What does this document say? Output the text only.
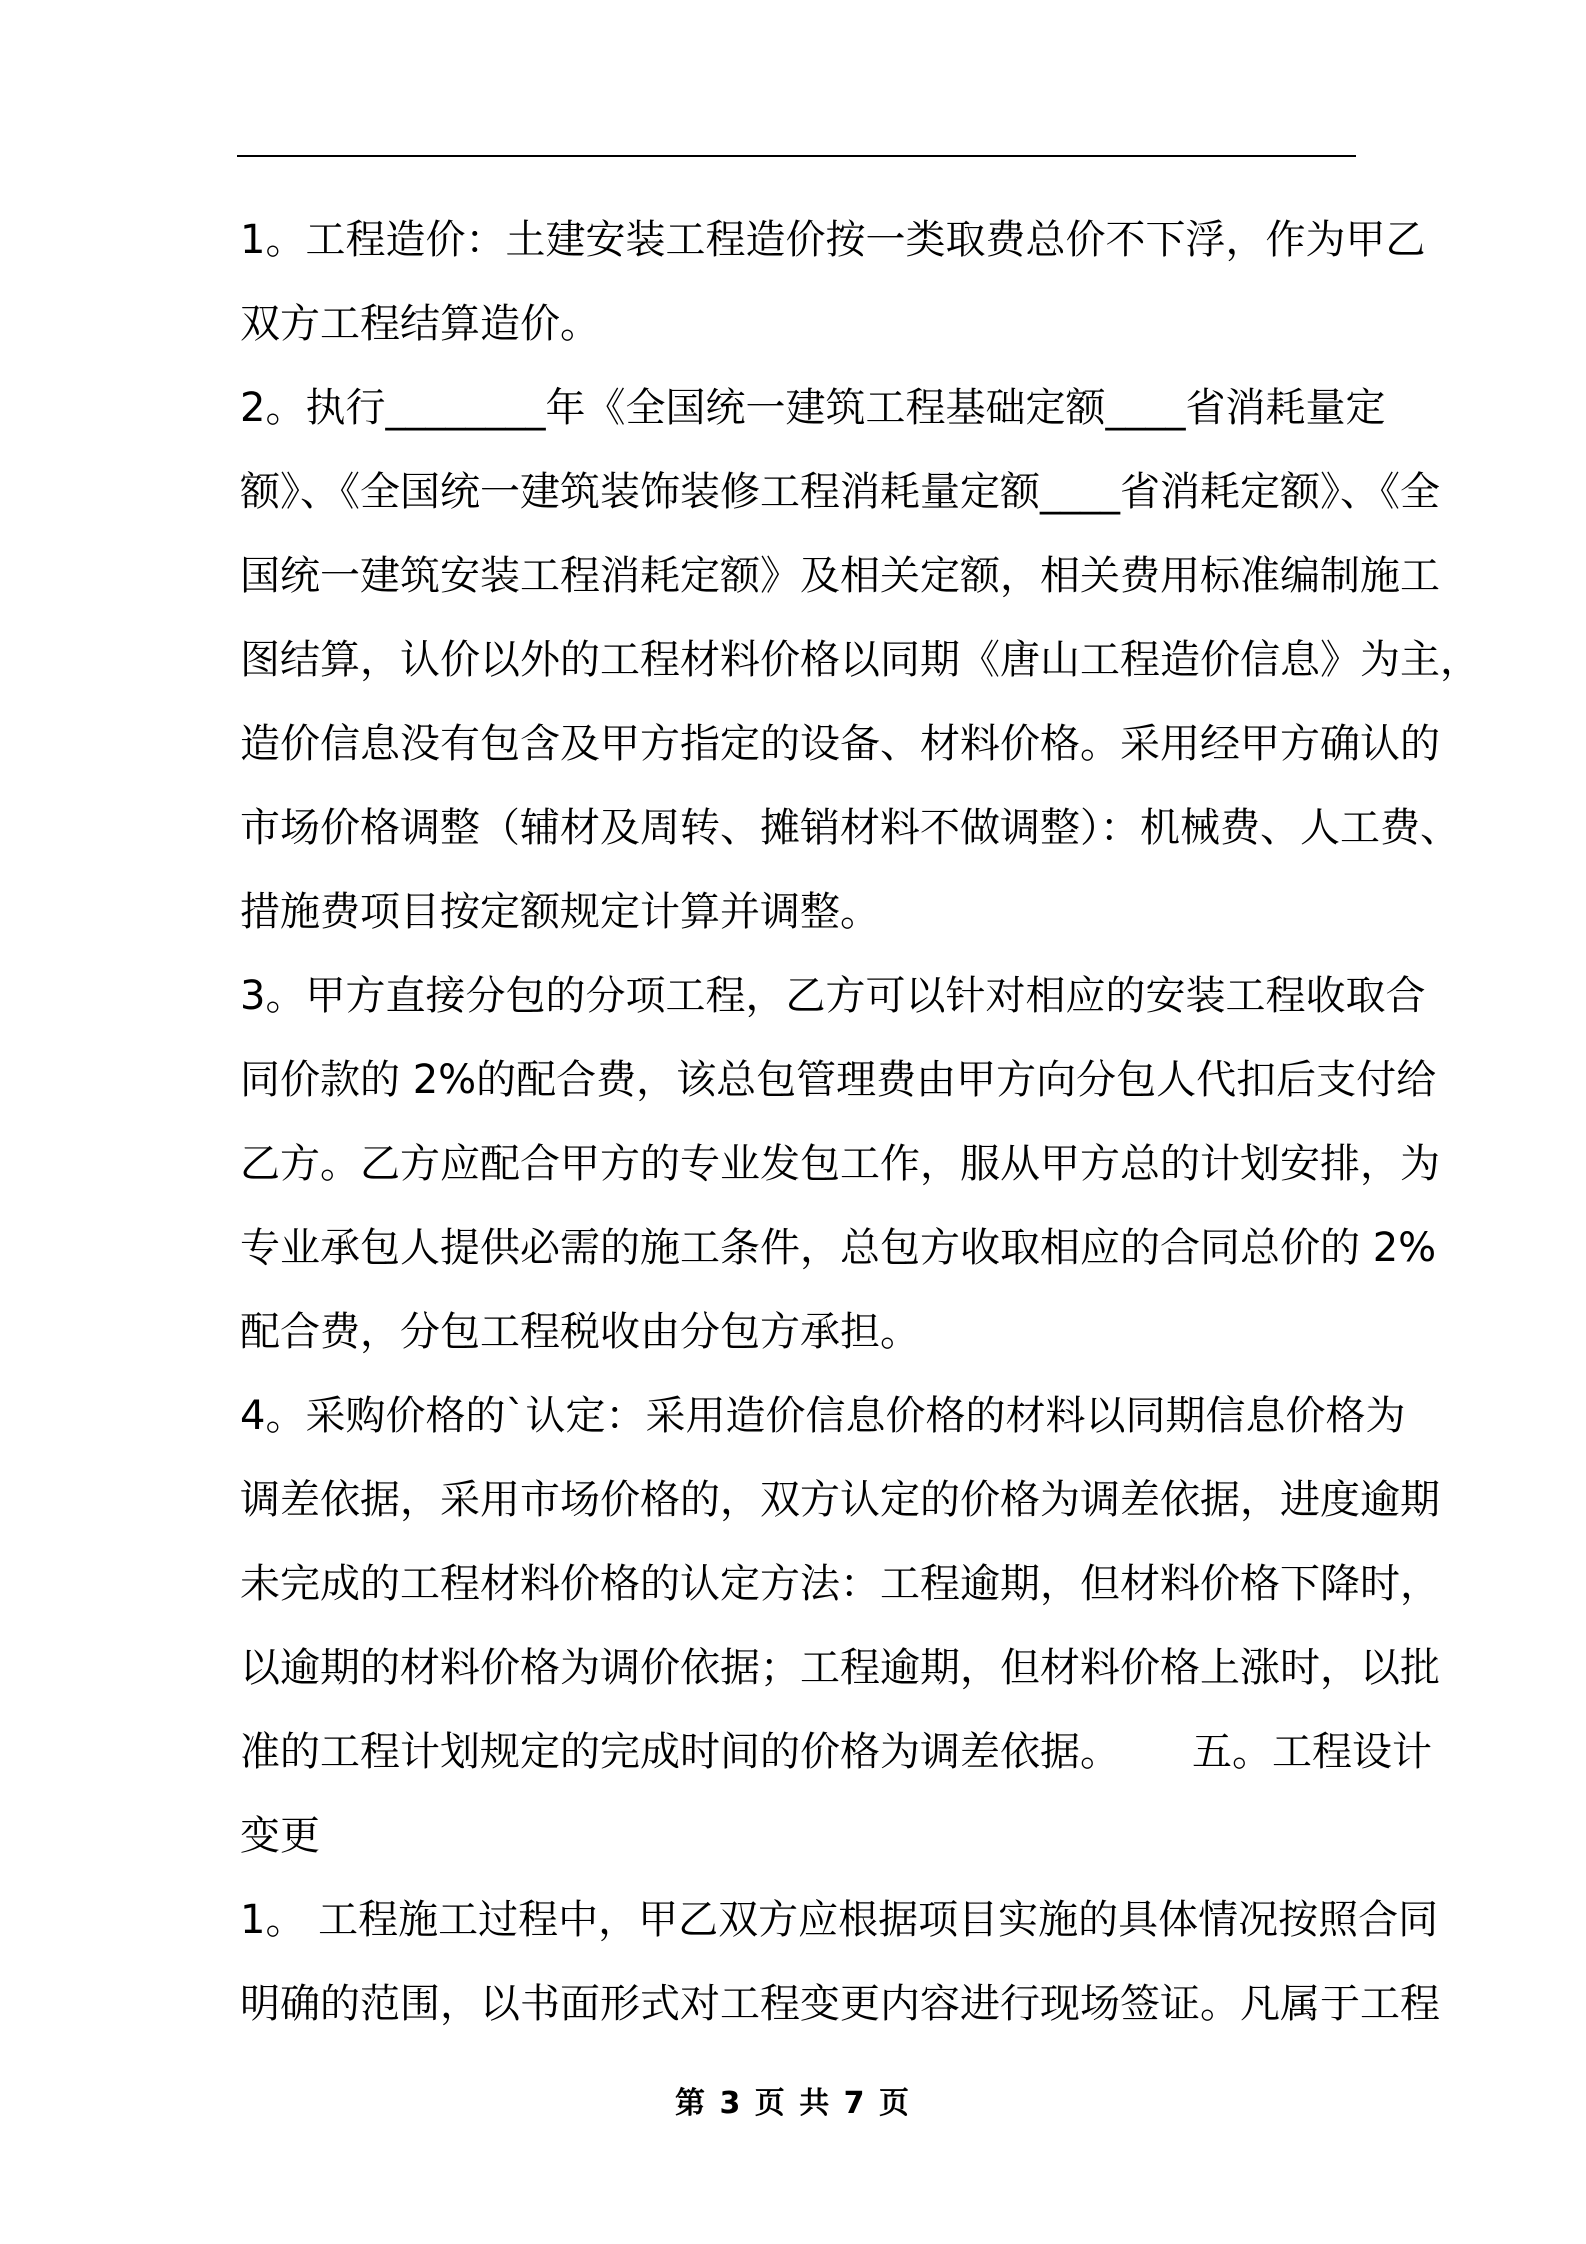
1。工程造价：土建安装工程造价按一类取费总价不下浮，作为甲乙
双方工程结算造价。
2。执行________年《全国统一建筑工程基础定额____省消耗量定
额》、《全国统一建筑装饰装修工程消耗量定额____省消耗定额》、《全
国统一建筑安装工程消耗定额》及相关定额，相关费用标准编制施工
图结算，认价以外的工程材料价格以同期《唐山工程造价信息》为主，
造价信息没有包含及甲方指定的设备、材料价格。采用经甲方确认的
市场价格调整（辅材及周转、摊销材料不做调整）：机械费、人工费、
措施费项目按定额规定计算并调整。
3。甲方直接分包的分项工程，乙方可以针对相应的安装工程收取合
同价款的 2%的配合费，该总包管理费由甲方向分包人代扣后支付给
乙方。乙方应配合甲方的专业发包工作，服从甲方总的计划安排，为
专业承包人提供必需的施工条件，总包方收取相应的合同总价的 2%
配合费，分包工程税收由分包方承担。
4。采购价格的`认定：采用造价信息价格的材料以同期信息价格为
调差依据，采用市场价格的，双方认定的价格为调差依据，进度逾期
未完成的工程材料价格的认定方法：工程逾期，但材料价格下降时，
以逾期的材料价格为调价依据；工程逾期，但材料价格上涨时，以批
准的工程计划规定的完成时间的价格为调差依据。 五。工程设计
变更
1。 工程施工过程中，甲乙双方应根据项目实施的具体情况按照合同
明确的范围，以书面形式对工程变更内容进行现场签证。凡属于工程
第 3 页 共 7 页
